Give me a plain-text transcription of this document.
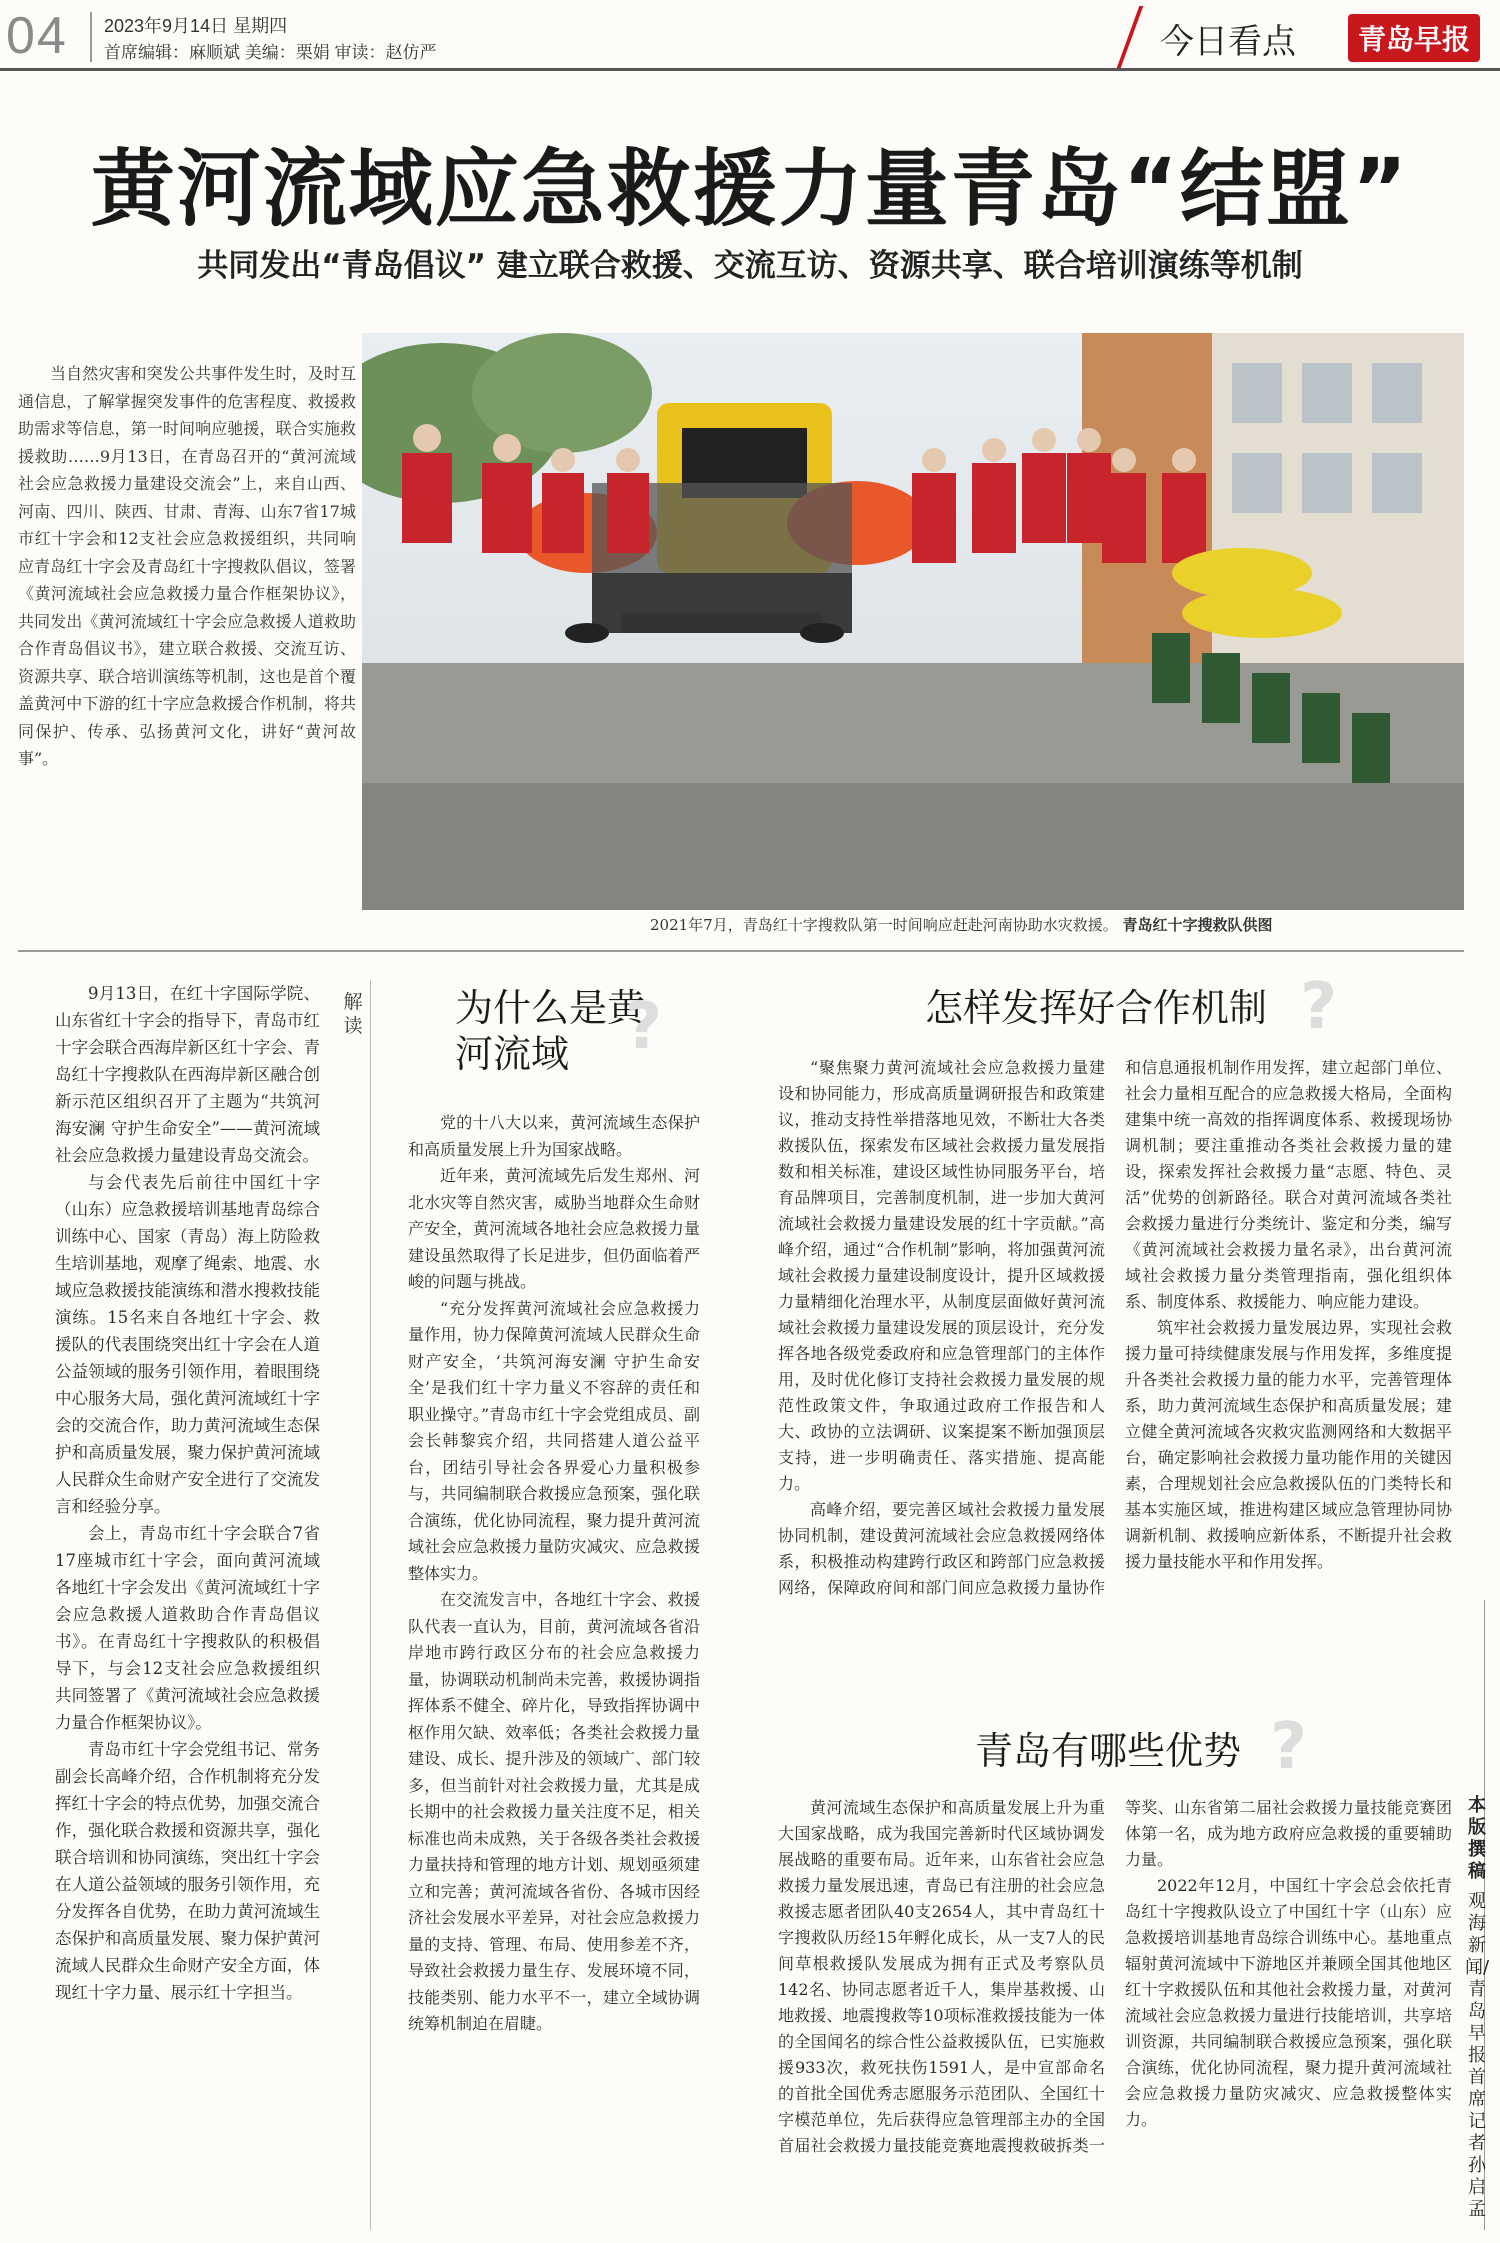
04 2023年9月14日 星期四
首席编辑：麻顺斌 美编：栗娟 审读：赵仿严	今日看点	青岛早报
黄河流域应急救援力量青岛“结盟”
共同发出“青岛倡议” 建立联合救援、交流互访、资源共享、联合培训演练等机制

当自然灾害和突发公共事件发生时，及时互通信息，了解掌握突发事件的危害程度、救援救助需求等信息，第一时间响应驰援，联合实施救援救助……9月13日，在青岛召开的“黄河流域社会应急救援力量建设交流会”上，来自山西、河南、四川、陕西、甘肃、青海、山东7省17城市红十字会和12支社会应急救援组织，共同响应青岛红十字会及青岛红十字搜救队倡议，签署《黄河流域社会应急救援力量合作框架协议》，共同发出《黄河流域红十字会应急救援人道救助合作青岛倡议书》，建立联合救援、交流互访、资源共享、联合培训演练等机制，这也是首个覆盖黄河中下游的红十字应急救援合作机制，将共同保护、传承、弘扬黄河文化，讲好“黄河故事”。

2021年7月，青岛红十字搜救队第一时间响应赶赴河南协助水灾救援。 青岛红十字搜救队供图

9月13日，在红十字国际学院、山东省红十字会的指导下，青岛市红十字会联合西海岸新区红十字会、青岛红十字搜救队在西海岸新区融合创新示范区组织召开了主题为“共筑河海安澜 守护生命安全”——黄河流域社会应急救援力量建设青岛交流会。

与会代表先后前往中国红十字（山东）应急救援培训基地青岛综合训练中心、国家（青岛）海上防险救生培训基地，观摩了绳索、地震、水域应急救援技能演练和潜水搜救技能演练。15名来自各地红十字会、救援队的代表围绕突出红十字会在人道公益领域的服务引领作用，着眼围绕中心服务大局，强化黄河流域红十字会的交流合作，助力黄河流域生态保护和高质量发展，聚力保护黄河流域人民群众生命财产安全进行了交流发言和经验分享。

会上，青岛市红十字会联合7省17座城市红十字会，面向黄河流域各地红十字会发出《黄河流域红十字会应急救援人道救助合作青岛倡议书》。在青岛红十字搜救队的积极倡导下，与会12支社会应急救援组织共同签署了《黄河流域社会应急救援力量合作框架协议》。

青岛市红十字会党组书记、常务副会长高峰介绍，合作机制将充分发挥红十字会的特点优势，加强交流合作，强化联合救援和资源共享，强化联合培训和协同演练，突出红十字会在人道公益领域的服务引领作用，充分发挥各自优势，在助力黄河流域生态保护和高质量发展、聚力保护黄河流域人民群众生命财产安全方面，体现红十字力量、展示红十字担当。

解读 为什么是黄河流域 ?

党的十八大以来，黄河流域生态保护和高质量发展上升为国家战略。

近年来，黄河流域先后发生郑州、河北水灾等自然灾害，威胁当地群众生命财产安全，黄河流域各地社会应急救援力量建设虽然取得了长足进步，但仍面临着严峻的问题与挑战。

“充分发挥黄河流域社会应急救援力量作用，协力保障黄河流域人民群众生命财产安全，‘共筑河海安澜 守护生命安全’是我们红十字力量义不容辞的责任和职业操守。”青岛市红十字会党组成员、副会长韩黎宾介绍，共同搭建人道公益平台，团结引导社会各界爱心力量积极参与，共同编制联合救援应急预案，强化联合演练，优化协同流程，聚力提升黄河流域社会应急救援力量防灾减灾、应急救援整体实力。

在交流发言中，各地红十字会、救援队代表一直认为，目前，黄河流域各省沿岸地市跨行政区分布的社会应急救援力量，协调联动机制尚未完善，救援协调指挥体系不健全、碎片化，导致指挥协调中枢作用欠缺、效率低；各类社会救援力量建设、成长、提升涉及的领域广、部门较多，但当前针对社会救援力量，尤其是成长期中的社会救援力量关注度不足，相关标准也尚未成熟，关于各级各类社会救援力量扶持和管理的地方计划、规划亟须建立和完善；黄河流域各省份、各城市因经济社会发展水平差异，对社会应急救援力量的支持、管理、布局、使用参差不齐，导致社会救援力量生存、发展环境不同，技能类别、能力水平不一，建立全域协调统筹机制迫在眉睫。

怎样发挥好合作机制 ?

“聚焦聚力黄河流域社会应急救援力量建设和协同能力，形成高质量调研报告和政策建议，推动支持性举措落地见效，不断壮大各类救援队伍，探索发布区域社会救援力量发展指数和相关标准，建设区域性协同服务平台，培育品牌项目，完善制度机制，进一步加大黄河流域社会救援力量建设发展的红十字贡献。”高峰介绍，通过“合作机制”影响，将加强黄河流域社会救援力量建设制度设计，提升区域救援力量精细化治理水平，从制度层面做好黄河流域社会救援力量建设发展的顶层设计，充分发挥各地各级党委政府和应急管理部门的主体作用，及时优化修订支持社会救援力量发展的规范性政策文件，争取通过政府工作报告和人大、政协的立法调研、议案提案不断加强顶层支持，进一步明确责任、落实措施、提高能力。

高峰介绍，要完善区域社会救援力量发展协同机制，建设黄河流域社会应急救援网络体系，积极推动构建跨行政区和跨部门应急救援网络，保障政府间和部门间应急救援力量协作和信息通报机制作用发挥，建立起部门单位、社会力量相互配合的应急救援大格局，全面构建集中统一高效的指挥调度体系、救援现场协调机制；要注重推动各类社会救援力量的建设，探索发挥社会救援力量“志愿、特色、灵活”优势的创新路径。联合对黄河流域各类社会救援力量进行分类统计、鉴定和分类，编写《黄河流域社会救援力量名录》，出台黄河流域社会救援力量分类管理指南，强化组织体系、制度体系、救援能力、响应能力建设。

筑牢社会救援力量发展边界，实现社会救援力量可持续健康发展与作用发挥，多维度提升各类社会救援力量的能力水平，完善管理体系，助力黄河流域生态保护和高质量发展；建立健全黄河流域各灾救灾监测网络和大数据平台，确定影响社会救援力量功能作用的关键因素，合理规划社会应急救援队伍的门类特长和基本实施区域，推进构建区域应急管理协同协调新机制、救援响应新体系，不断提升社会救援力量技能水平和作用发挥。

青岛有哪些优势 ?

黄河流域生态保护和高质量发展上升为重大国家战略，成为我国完善新时代区域协调发展战略的重要布局。近年来，山东省社会应急救援力量发展迅速，青岛已有注册的社会应急救援志愿者团队40支2654人，其中青岛红十字搜救队历经15年孵化成长，从一支7人的民间草根救援队发展成为拥有正式及考察队员142名、协同志愿者近千人，集岸基救援、山地救援、地震搜救等10项标准救援技能为一体的全国闻名的综合性公益救援队伍，已实施救援933次，救死扶伤1591人，是中宣部命名的首批全国优秀志愿服务示范团队、全国红十字模范单位，先后获得应急管理部主办的全国首届社会救援力量技能竞赛地震搜救破拆类一等奖、山东省第二届社会救援力量技能竞赛团体第一名，成为地方政府应急救援的重要辅助力量。

2022年12月，中国红十字会总会依托青岛红十字搜救队设立了中国红十字（山东）应急救援培训基地青岛综合训练中心。基地重点辐射黄河流域中下游地区并兼顾全国其他地区红十字救援队伍和其他社会救援力量，对黄河流域社会应急救援力量进行技能培训，共享培训资源，共同编制联合救援应急预案，强化联合演练，优化协同流程，聚力提升黄河流域社会应急救援力量防灾减灾、应急救援整体实力。

本版撰稿
观海新闻/青岛早报首席记者 孙启孟
